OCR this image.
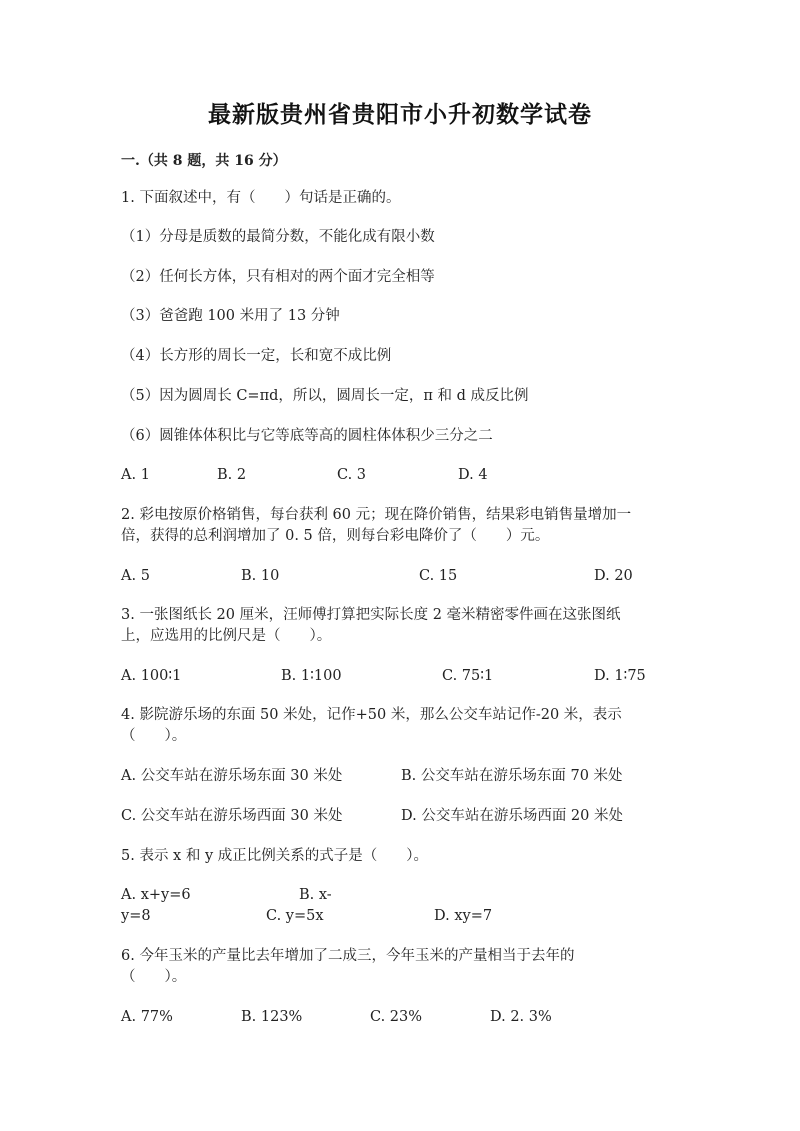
最新版贵州省贵阳市小升初数学试卷
一.（共 8 题，共 16 分）
1. 下面叙述中，有（　　）句话是正确的。
（1）分母是质数的最简分数，不能化成有限小数
（2）任何长方体，只有相对的两个面才完全相等
（3）爸爸跑 100 米用了 13 分钟
（4）长方形的周长一定，长和宽不成比例
（5）因为圆周长 C=πd，所以，圆周长一定，π 和 d 成反比例
（6）圆锥体体积比与它等底等高的圆柱体体积少三分之二
A. 1	B. 2	C. 3	D. 4
2. 彩电按原价格销售，每台获利 60 元；现在降价销售，结果彩电销售量增加一
倍，获得的总利润增加了 0. 5 倍，则每台彩电降价了（　　）元。
A. 5	B. 10	C. 15	D. 20
3. 一张图纸长 20 厘米，汪师傅打算把实际长度 2 毫米精密零件画在这张图纸
上，应选用的比例尺是（　　）。
A. 100∶1	B. 1∶100	C. 75∶1	D. 1∶75
4. 影院游乐场的东面 50 米处，记作+50 米，那么公交车站记作-20 米，表示
（　　）。
A. 公交车站在游乐场东面 30 米处	B. 公交车站在游乐场东面 70 米处
C. 公交车站在游乐场西面 30 米处	D. 公交车站在游乐场西面 20 米处
5. 表示 x 和 y 成正比例关系的式子是（　　）。
A. x+y=6	B. x-
y=8	C. y=5x	D. xy=7
6. 今年玉米的产量比去年增加了二成三，今年玉米的产量相当于去年的
（　　）。
A. 77%	B. 123%	C. 23%	D. 2. 3%
